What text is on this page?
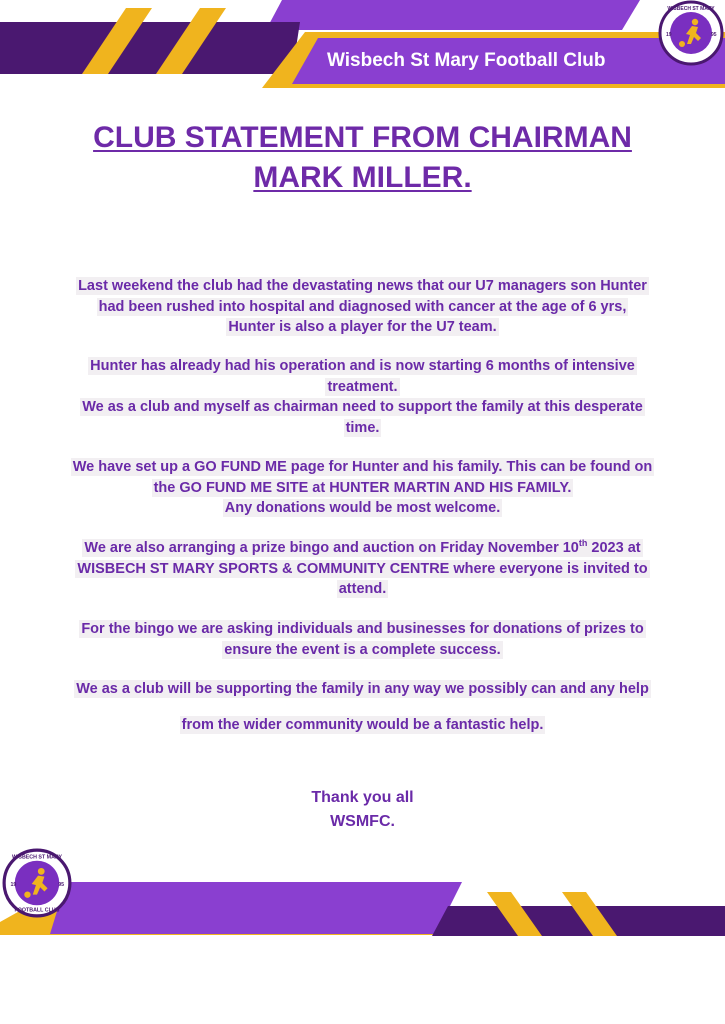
Wisbech St Mary Football Club
WISBECH ST MARY
19	95
CLUB STATEMENT FROM CHAIRMAN
MARK MILLER.
Last weekend the club had the devastating news that our U7 managers son Hunter
had been rushed into hospital and diagnosed with cancer at the age of 6 yrs,
Hunter is also a player for the U7 team.
Hunter has already had his operation and is now starting 6 months of intensive
treatment.
We as a club and myself as chairman need to support the family at this desperate
time.
We have set up a GO FUND ME page for Hunter and his family. This can be found on
the GO FUND ME SITE at HUNTER MARTIN AND HIS FAMILY.
Any donations would be most welcome.
We are also arranging a prize bingo and auction on Friday November 10th 2023 at
WISBECH ST MARY SPORTS & COMMUNITY CENTRE where everyone is invited to
attend.
For the bingo we are asking individuals and businesses for donations of prizes to
ensure the event is a complete success.
We as a club will be supporting the family in any way we possibly can and any help
from the wider community would be a fantastic help.
Thank you all
WSMFC.
WISBECH ST MARY
FOOTBALL CLUB
19	95
